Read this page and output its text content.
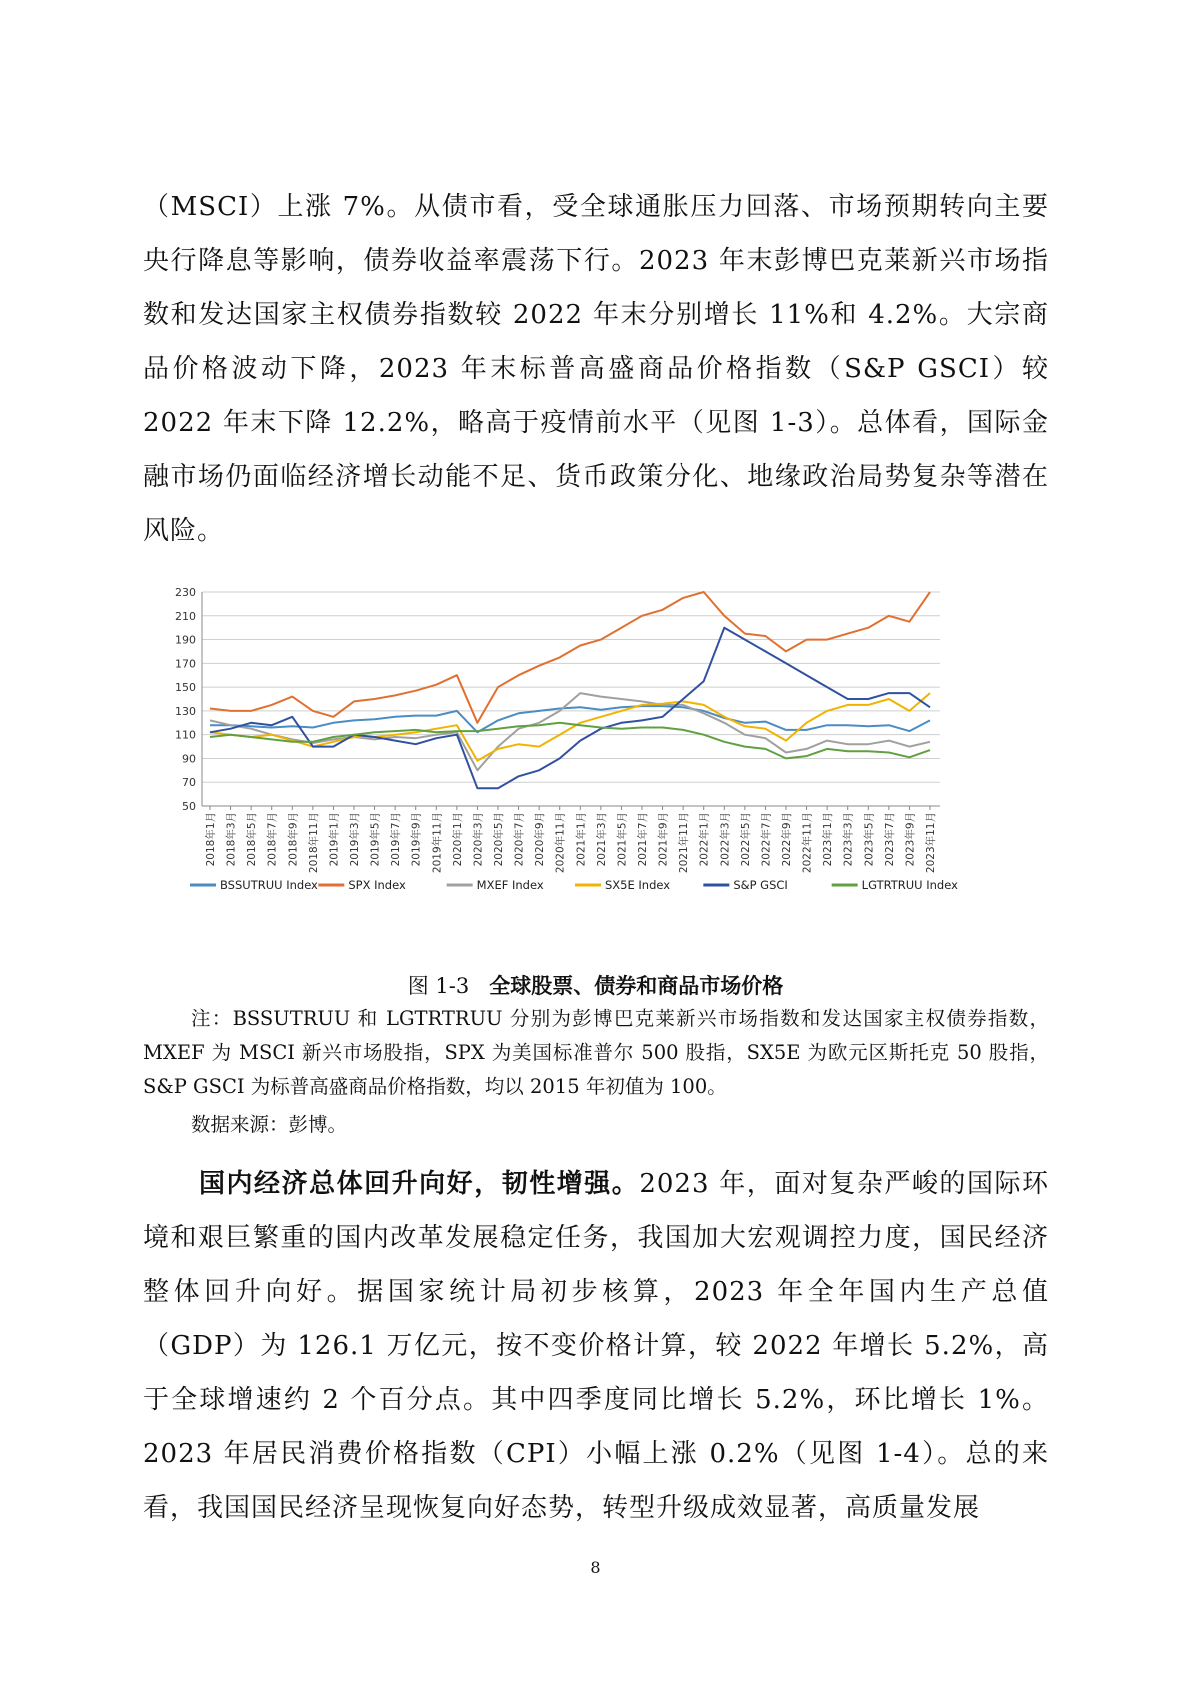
（MSCI）上涨 7%。从债市看，受全球通胀压力回落、市场预期转向主要央行降息等影响，债券收益率震荡下行。2023 年末彭博巴克莱新兴市场指数和发达国家主权债券指数较 2022 年末分别增长 11%和 4.2%。大宗商品价格波动下降，2023 年末标普高盛商品价格指数（S&P GSCI）较 2022 年末下降 12.2%，略高于疫情前水平（见图 1-3）。总体看，国际金融市场仍面临经济增长动能不足、货币政策分化、地缘政治局势复杂等潜在风险。

50
70
90
110
130
150
170
190
210
230
2018年1月 2018年3月 2018年5月 2018年7月 2018年9月 2018年11月 2019年1月 2019年3月 2019年5月 2019年7月 2019年9月 2019年11月 2020年1月 2020年3月 2020年5月 2020年7月 2020年9月 2020年11月 2021年1月 2021年3月 2021年5月 2021年7月 2021年9月 2021年11月 2022年1月 2022年3月 2022年5月 2022年7月 2022年9月 2022年11月 2023年1月 2023年3月 2023年5月 2023年7月 2023年9月 2023年11月
BSSUTRUU Index	SPX Index	MXEF Index	SX5E Index	S&P GSCI	LGTRTRUU Index
图 1-3 全球股票、债券和商品市场价格

注：BSSUTRUU 和 LGTRTRUU 分别为彭博巴克莱新兴市场指数和发达国家主权债券指数，MXEF 为 MSCI 新兴市场股指，SPX 为美国标准普尔 500 股指，SX5E 为欧元区斯托克 50 股指，S&P GSCI 为标普高盛商品价格指数，均以 2015 年初值为 100。

数据来源：彭博。

国内经济总体回升向好，韧性增强。2023 年，面对复杂严峻的国际环境和艰巨繁重的国内改革发展稳定任务，我国加大宏观调控力度，国民经济整体回升向好。据国家统计局初步核算，2023 年全年国内生产总值（GDP）为 126.1 万亿元，按不变价格计算，较 2022 年增长 5.2%，高于全球增速约 2 个百分点。其中四季度同比增长 5.2%，环比增长 1%。2023 年居民消费价格指数（CPI）小幅上涨 0.2%（见图 1-4）。总的来看，我国国民经济呈现恢复向好态势，转型升级成效显著，高质量发展

8
